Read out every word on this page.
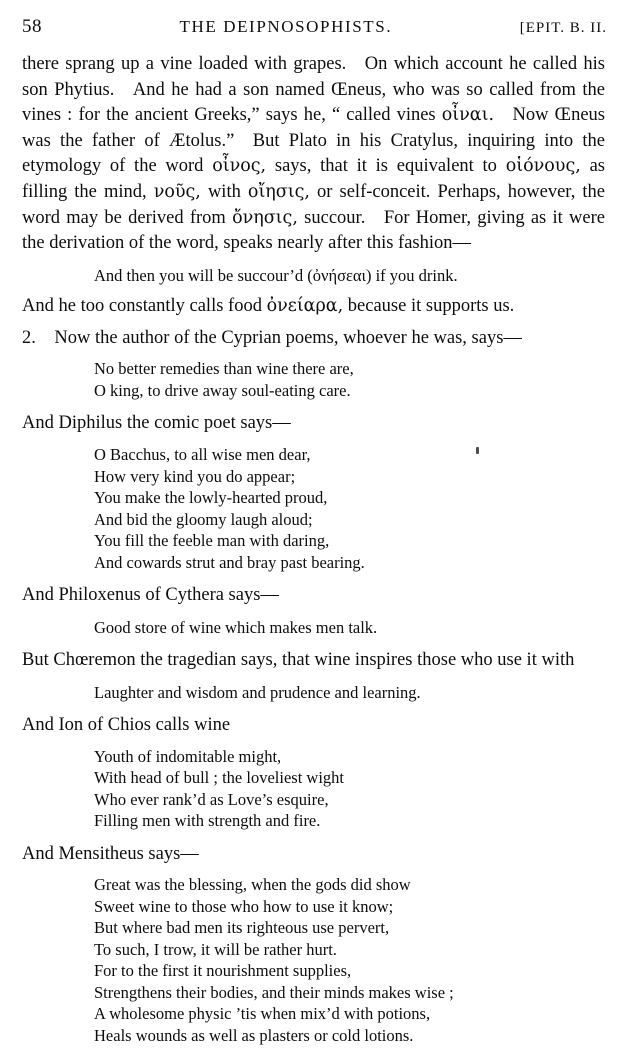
58	THE DEIPNOSOPHISTS.	[EPIT. B. II.

there sprang up a vine loaded with grapes. On which account he called his son Phytius. And he had a son named Œneus, who was so called from the vines : for the ancient Greeks,” says he, “ called vines οἶναι. Now Œneus was the father of Ætolus.” But Plato in his Cratylus, inquiring into the etymology of the word οἶνος, says, that it is equivalent to οἱόνους, as filling the mind, νοῦς, with οἴησις, or self-conceit. Perhaps, however, the word may be derived from ὄνησις, succour. For Homer, giving as it were the derivation of the word, speaks nearly after this fashion—

And then you will be succour’d (ὀνήσεαι) if you drink.

And he too constantly calls food ὀνείαρα, because it supports us.

2. Now the author of the Cyprian poems, whoever he was, says—

No better remedies than wine there are,
O king, to drive away soul-eating care.

And Diphilus the comic poet says—

O Bacchus, to all wise men dear,
How very kind you do appear;
You make the lowly-hearted proud,
And bid the gloomy laugh aloud;
You fill the feeble man with daring,
And cowards strut and bray past bearing.

And Philoxenus of Cythera says—

Good store of wine which makes men talk.

But Chœremon the tragedian says, that wine inspires those who use it with

Laughter and wisdom and prudence and learning.

And Ion of Chios calls wine

Youth of indomitable might,
With head of bull ; the loveliest wight
Who ever rank’d as Love’s esquire,
Filling men with strength and fire.

And Mensitheus says—

Great was the blessing, when the gods did show
Sweet wine to those who how to use it know;
But where bad men its righteous use pervert,
To such, I trow, it will be rather hurt.
For to the first it nourishment supplies,
Strengthens their bodies, and their minds makes wise ;
A wholesome physic ’tis when mix’d with potions,
Heals wounds as well as plasters or cold lotions.
